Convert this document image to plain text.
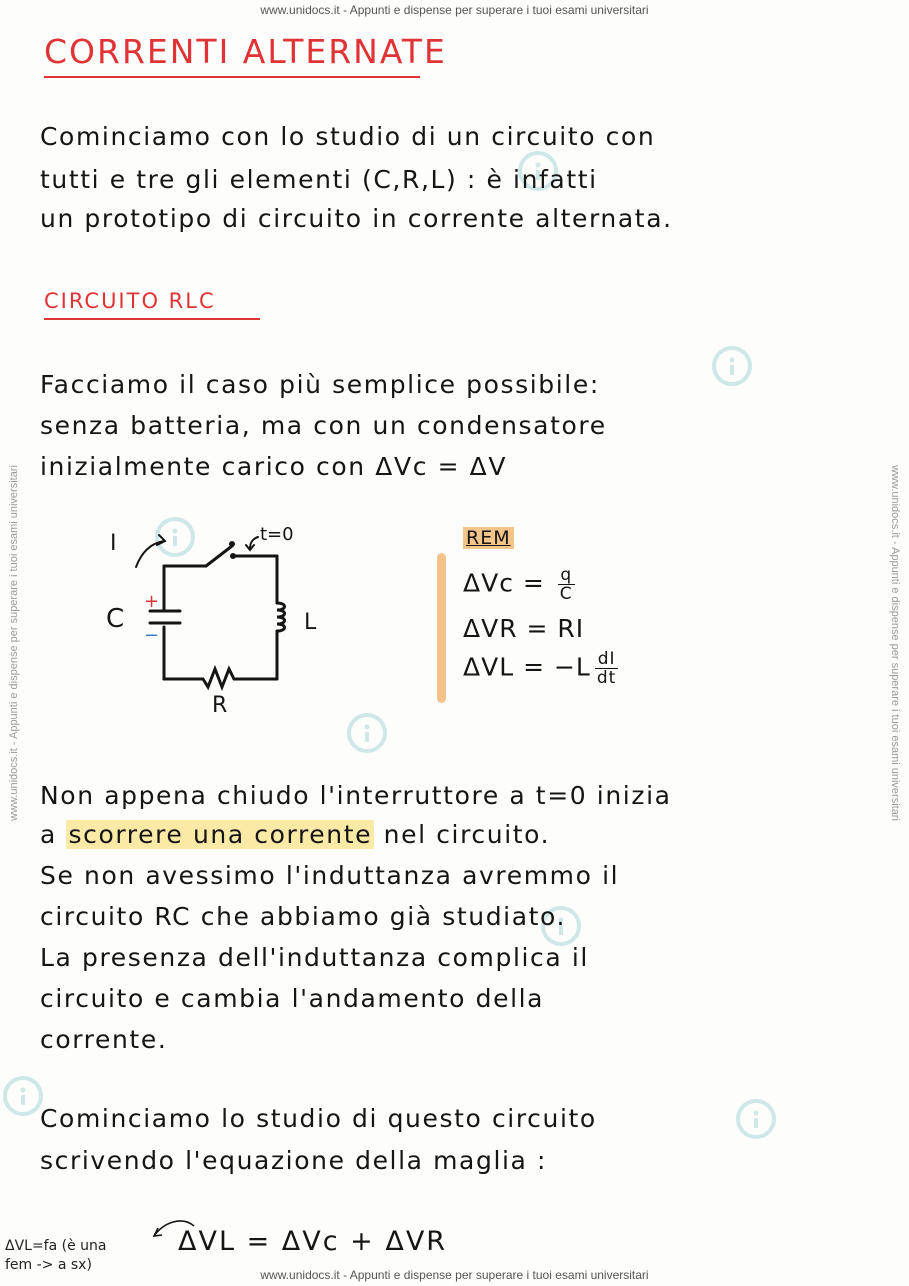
www.unidocs.it - Appunti e dispense per superare i tuoi esami universitari
www.unidocs.it - Appunti e dispense per superare i tuoi esami universitari	www.unidocs.it - Appunti e dispense per superare i tuoi esami universitari
CORRENTI ALTERNATE
Cominciamo con lo studio di un circuito con
tutti e tre gli elementi (C,R,L) : è infatti
un prototipo di circuito in corrente alternata.
CIRCUITO RLC
Facciamo il caso più semplice possibile:
senza batteria, ma con un condensatore
inizialmente carico con ΔVc = ΔV
I	t=0
+
−
C	L
R
REM
$\Delta Vc = \frac{q}{C}$
ΔVR = RI
$\Delta VL = -L \frac{dI}{dt}$
Non appena chiudo l'interruttore a t=0 inizia
a scorrere una corrente nel circuito.
Se non avessimo l'induttanza avremmo il
circuito RC che abbiamo già studiato.
La presenza dell'induttanza complica il
circuito e cambia l'andamento della
corrente.
Cominciamo lo studio di questo circuito
scrivendo l'equazione della maglia :
ΔVL=fa (è una
fem -> a sx)
ΔVL = ΔVc + ΔVR
www.unidocs.it - Appunti e dispense per superare i tuoi esami universitari
